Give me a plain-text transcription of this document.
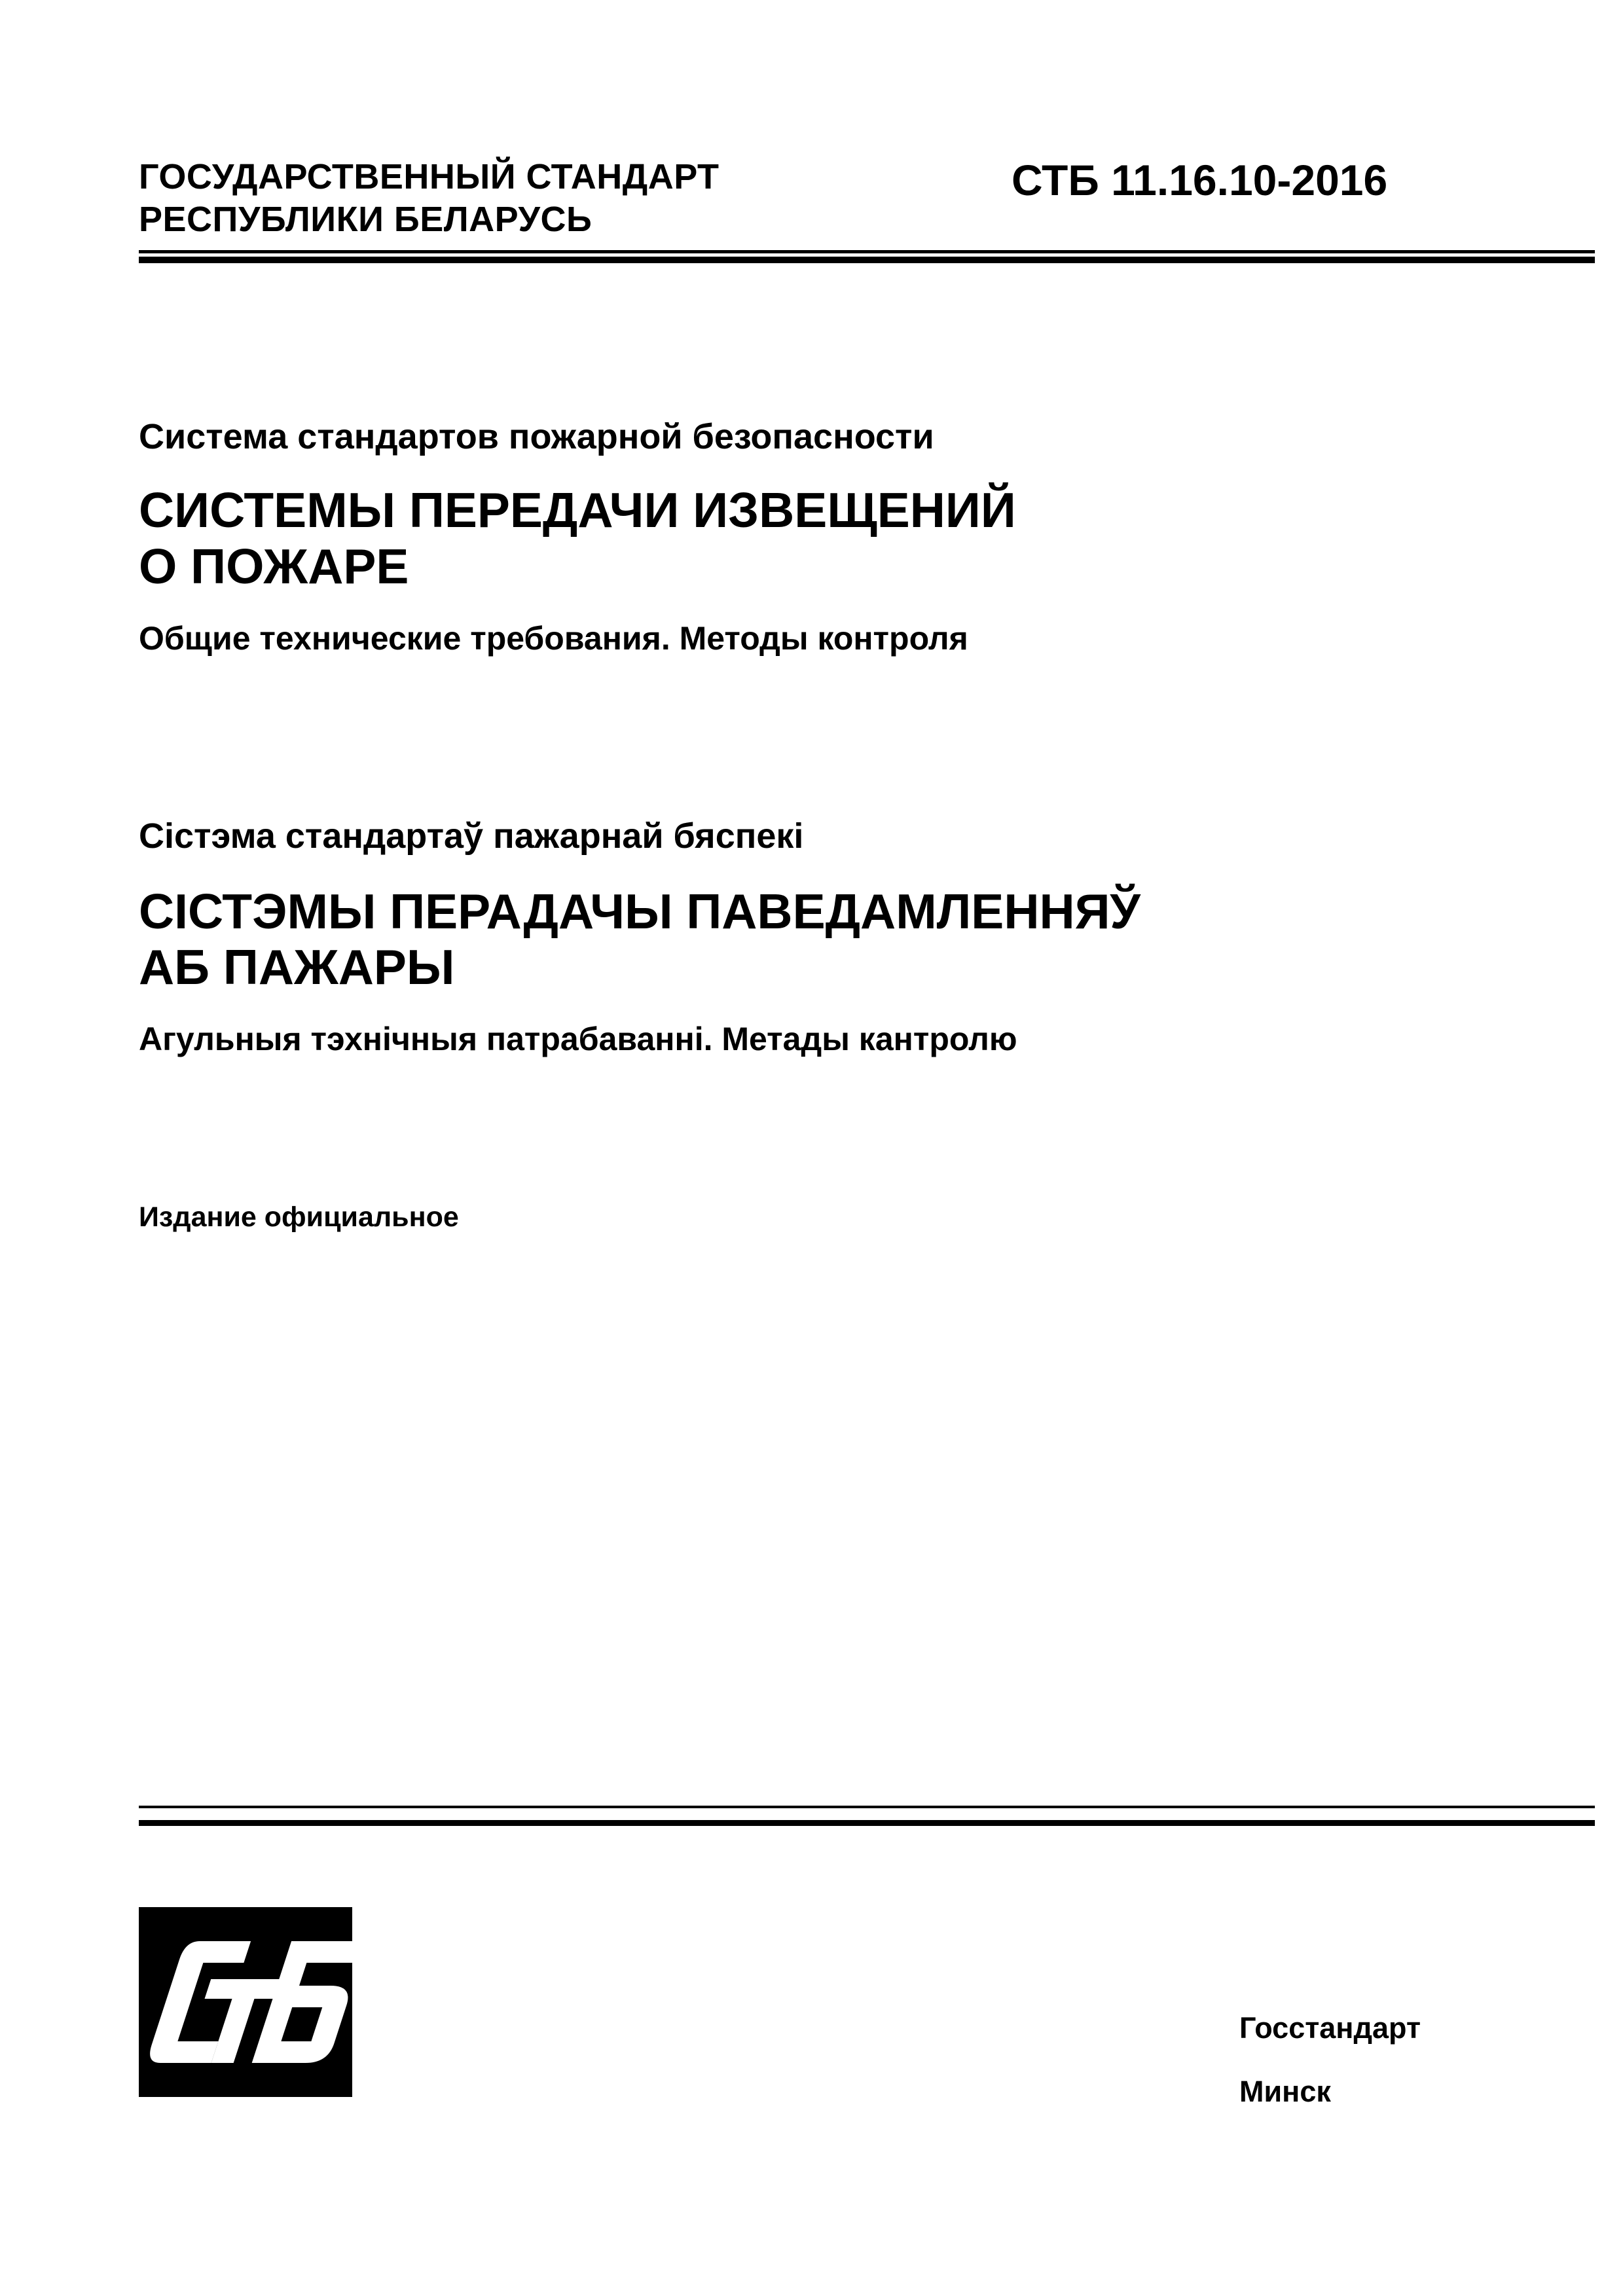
ГОСУДАРСТВЕННЫЙ СТАНДАРТ
РЕСПУБЛИКИ БЕЛАРУСЬ
СТБ 11.16.10-2016
Система стандартов пожарной безопасности
СИСТЕМЫ ПЕРЕДАЧИ ИЗВЕЩЕНИЙ
О ПОЖАРЕ
Общие технические требования. Методы контроля
Сістэма стандартаў пажарнай бяспекі
СІСТЭМЫ ПЕРАДАЧЫ ПАВЕДАМЛЕННЯЎ
АБ ПАЖАРЫ
Агульныя тэхнічныя патрабаванні. Метады кантролю
Издание официальное
Госстандарт
Минск
